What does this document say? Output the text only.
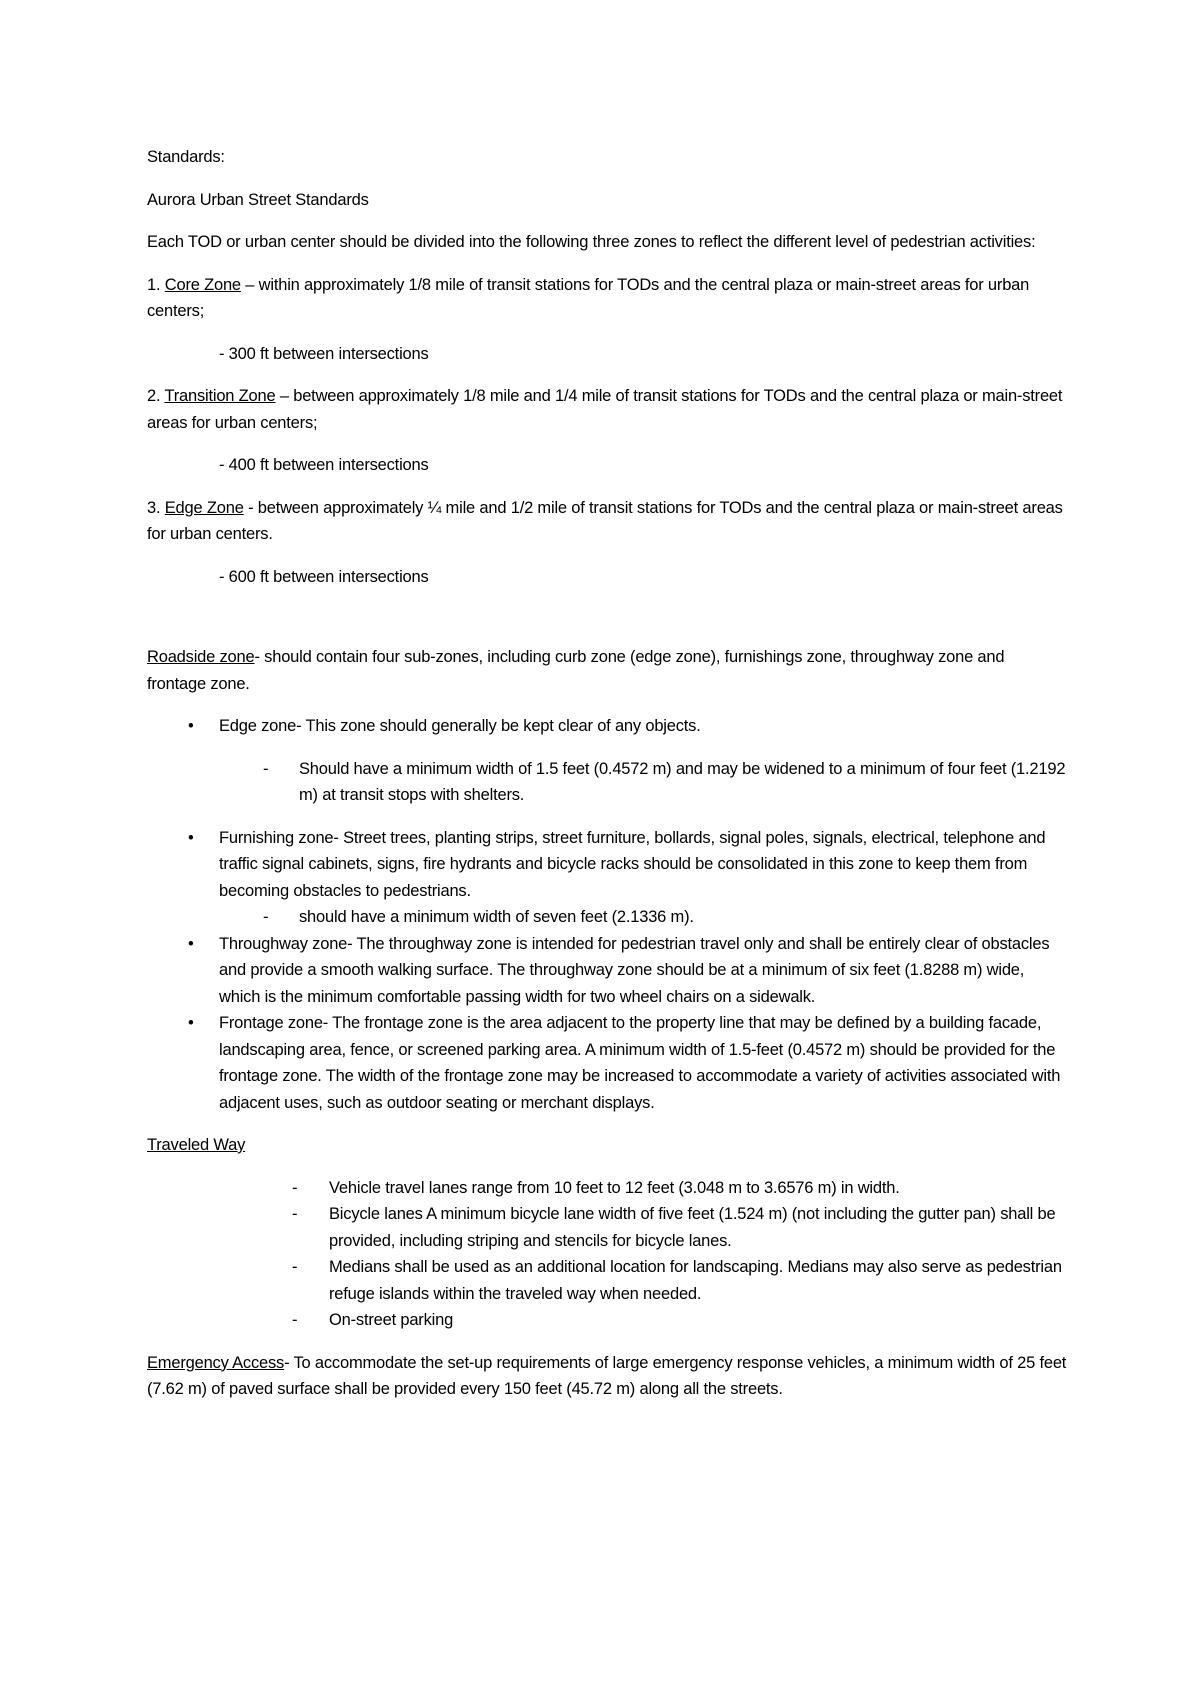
Standards:

Aurora Urban Street Standards

Each TOD or urban center should be divided into the following three zones to reflect the different level of pedestrian activities:

1. Core Zone – within approximately 1/8 mile of transit stations for TODs and the central plaza or main-street areas for urban centers;

- 300 ft between intersections

2. Transition Zone – between approximately 1/8 mile and 1/4 mile of transit stations for TODs and the central plaza or main-street areas for urban centers;

- 400 ft between intersections

3. Edge Zone - between approximately ¼ mile and 1/2 mile of transit stations for TODs and the central plaza or main-street areas for urban centers.

- 600 ft between intersections

Roadside zone- should contain four sub-zones, including curb zone (edge zone), furnishings zone, throughway zone and frontage zone.

• Edge zone- This zone should generally be kept clear of any objects.
- Should have a minimum width of 1.5 feet (0.4572 m) and may be widened to a minimum of four feet (1.2192 m) at transit stops with shelters.
• Furnishing zone- Street trees, planting strips, street furniture, bollards, signal poles, signals, electrical, telephone and traffic signal cabinets, signs, fire hydrants and bicycle racks should be consolidated in this zone to keep them from becoming obstacles to pedestrians.
- should have a minimum width of seven feet (2.1336 m).
• Throughway zone- The throughway zone is intended for pedestrian travel only and shall be entirely clear of obstacles and provide a smooth walking surface. The throughway zone should be at a minimum of six feet (1.8288 m) wide, which is the minimum comfortable passing width for two wheel chairs on a sidewalk.
• Frontage zone- The frontage zone is the area adjacent to the property line that may be defined by a building facade, landscaping area, fence, or screened parking area. A minimum width of 1.5-feet (0.4572 m) should be provided for the frontage zone. The width of the frontage zone may be increased to accommodate a variety of activities associated with adjacent uses, such as outdoor seating or merchant displays.

Traveled Way

- Vehicle travel lanes range from 10 feet to 12 feet (3.048 m to 3.6576 m) in width.
- Bicycle lanes A minimum bicycle lane width of five feet (1.524 m) (not including the gutter pan) shall be provided, including striping and stencils for bicycle lanes.
- Medians shall be used as an additional location for landscaping. Medians may also serve as pedestrian refuge islands within the traveled way when needed.
- On-street parking

Emergency Access- To accommodate the set-up requirements of large emergency response vehicles, a minimum width of 25 feet (7.62 m) of paved surface shall be provided every 150 feet (45.72 m) along all the streets.
